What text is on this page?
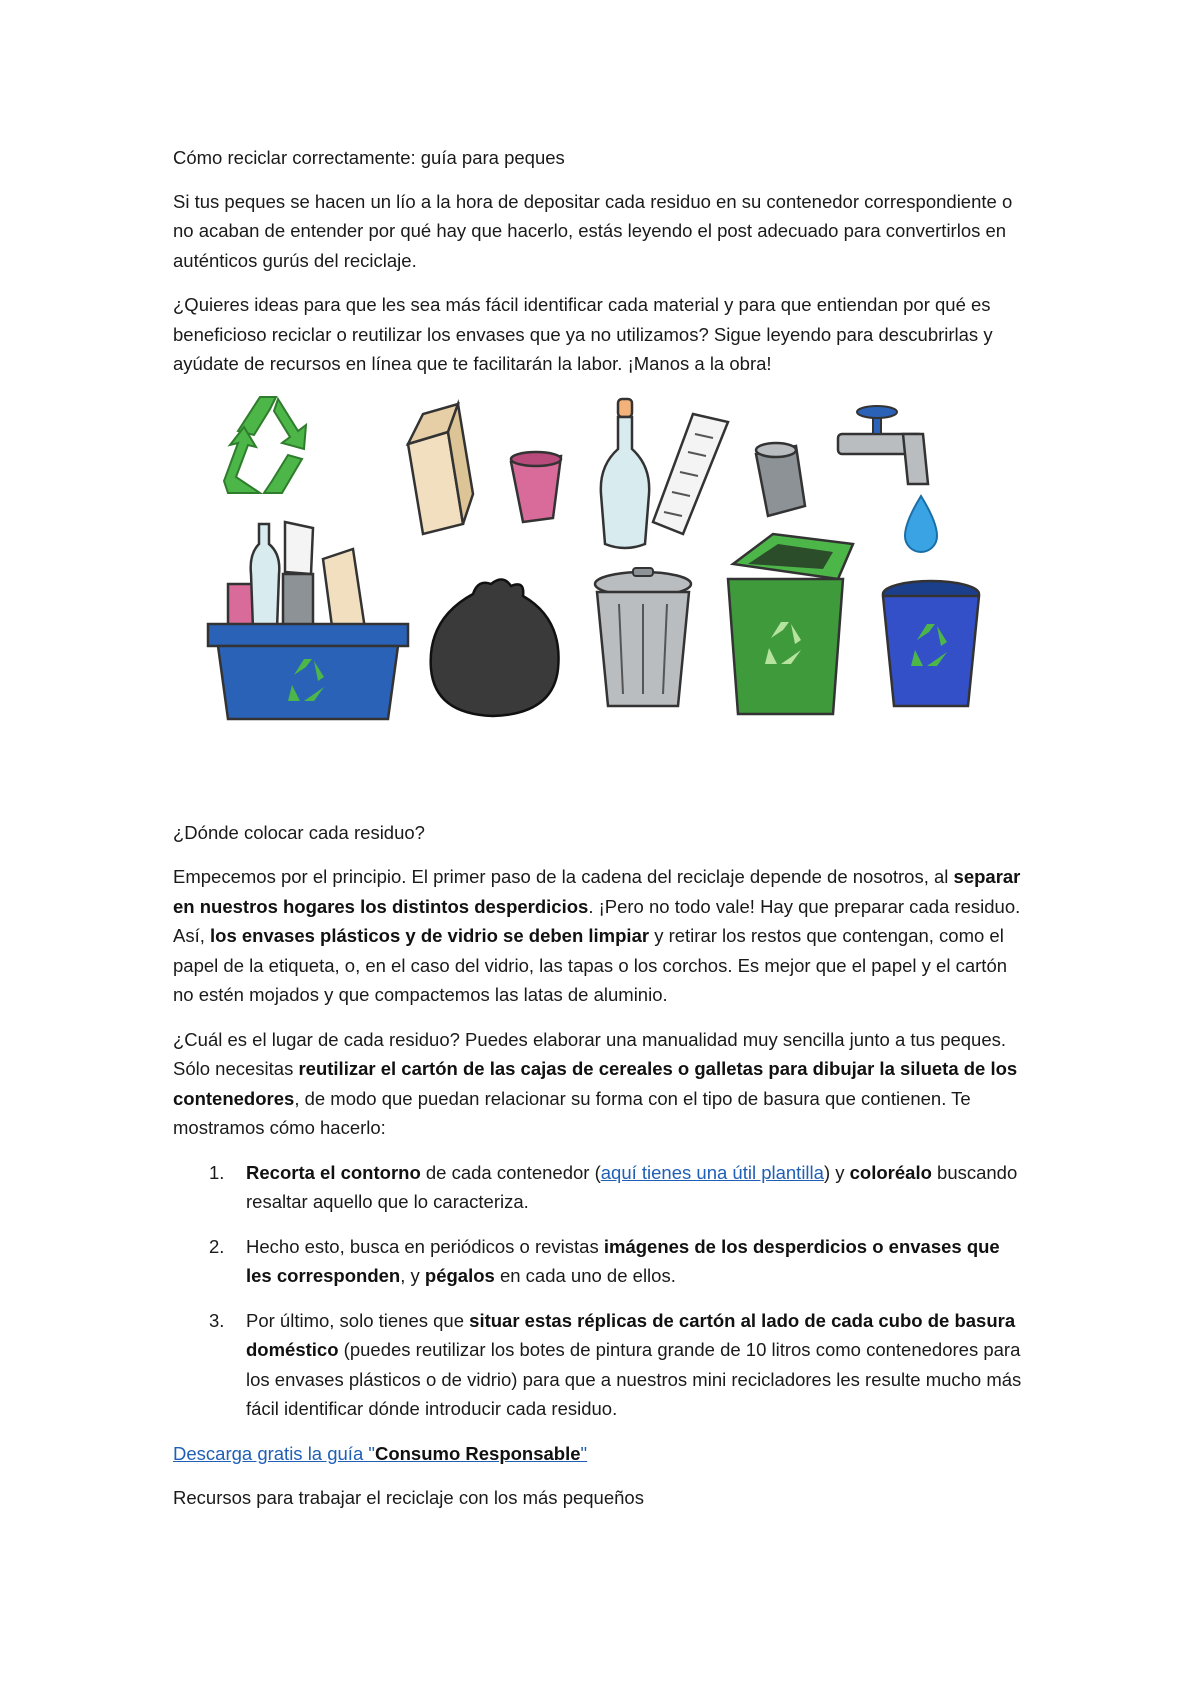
Cómo reciclar correctamente: guía para peques

Si tus peques se hacen un lío a la hora de depositar cada residuo en su contenedor correspondiente o no acaban de entender por qué hay que hacerlo, estás leyendo el post adecuado para convertirlos en auténticos gurús del reciclaje.

¿Quieres ideas para que les sea más fácil identificar cada material y para que entiendan por qué es beneficioso reciclar o reutilizar los envases que ya no utilizamos? Sigue leyendo para descubrirlas y ayúdate de recursos en línea que te facilitarán la labor. ¡Manos a la obra!

¿Dónde colocar cada residuo?

Empecemos por el principio. El primer paso de la cadena del reciclaje depende de nosotros, al separar en nuestros hogares los distintos desperdicios. ¡Pero no todo vale! Hay que preparar cada residuo. Así, los envases plásticos y de vidrio se deben limpiar y retirar los restos que contengan, como el papel de la etiqueta, o, en el caso del vidrio, las tapas o los corchos. Es mejor que el papel y el cartón no estén mojados y que compactemos las latas de aluminio.

¿Cuál es el lugar de cada residuo? Puedes elaborar una manualidad muy sencilla junto a tus peques. Sólo necesitas reutilizar el cartón de las cajas de cereales o galletas para dibujar la silueta de los contenedores, de modo que puedan relacionar su forma con el tipo de basura que contienen. Te mostramos cómo hacerlo:

1. Recorta el contorno de cada contenedor (aquí tienes una útil plantilla) y coloréalo buscando resaltar aquello que lo caracteriza.
2. Hecho esto, busca en periódicos o revistas imágenes de los desperdicios o envases que les corresponden, y pégalos en cada uno de ellos.
3. Por último, solo tienes que situar estas réplicas de cartón al lado de cada cubo de basura doméstico (puedes reutilizar los botes de pintura grande de 10 litros como contenedores para los envases plásticos o de vidrio) para que a nuestros mini recicladores les resulte mucho más fácil identificar dónde introducir cada residuo.

Descarga gratis la guía "Consumo Responsable"

Recursos para trabajar el reciclaje con los más pequeños
